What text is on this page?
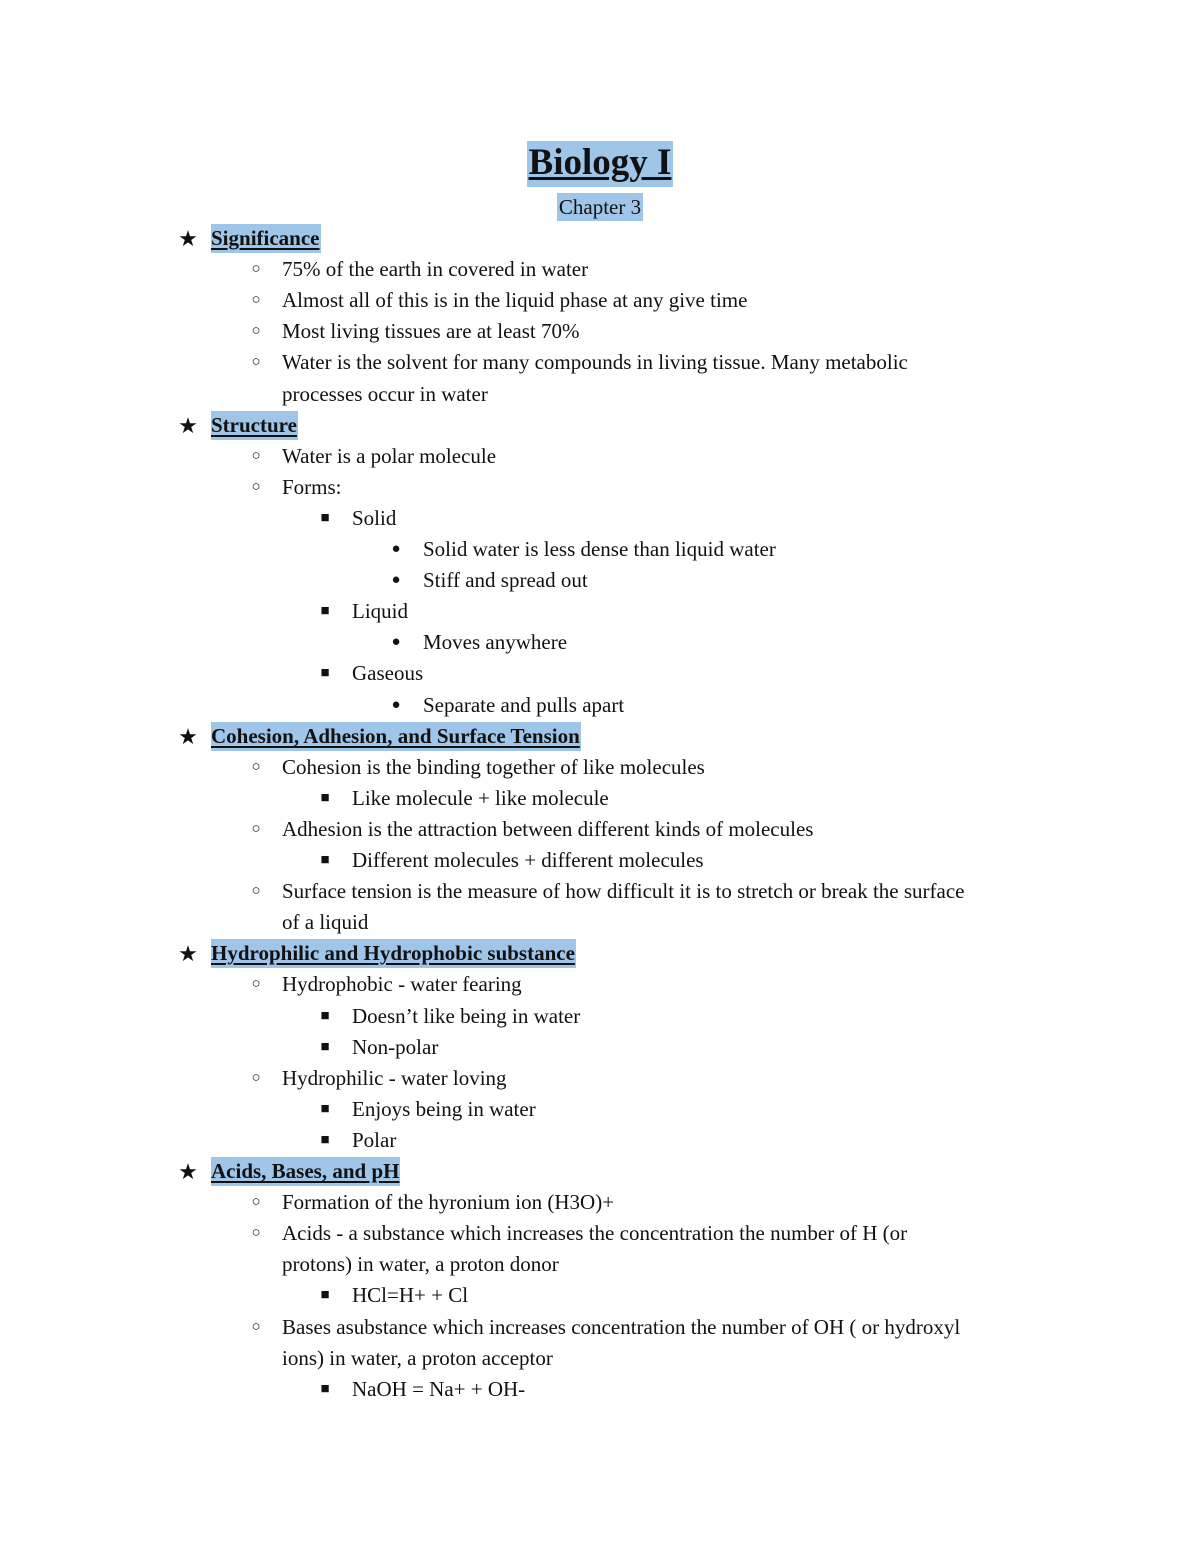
Biology I
Chapter 3
★ Significance
○ 75% of the earth in covered in water
○ Almost all of this is in the liquid phase at any give time
○ Most living tissues are at least 70%
○ Water is the solvent for many compounds in living tissue. Many metabolic
processes occur in water
★ Structure
○ Water is a polar molecule
○ Forms:
■ Solid
● Solid water is less dense than liquid water
● Stiff and spread out
■ Liquid
● Moves anywhere
■ Gaseous
● Separate and pulls apart
★ Cohesion, Adhesion, and Surface Tension
○ Cohesion is the binding together of like molecules
■ Like molecule + like molecule
○ Adhesion is the attraction between different kinds of molecules
■ Different molecules + different molecules
○ Surface tension is the measure of how difficult it is to stretch or break the surface
of a liquid
★ Hydrophilic and Hydrophobic substance
○ Hydrophobic - water fearing
■ Doesn’t like being in water
■ Non-polar
○ Hydrophilic - water loving
■ Enjoys being in water
■ Polar
★ Acids, Bases, and pH
○ Formation of the hyronium ion (H3O)+
○ Acids - a substance which increases the concentration the number of H (or
protons) in water, a proton donor
■ HCl=H+ + Cl
○ Bases asubstance which increases concentration the number of OH ( or hydroxyl
ions) in water, a proton acceptor
■ NaOH = Na+ + OH-
